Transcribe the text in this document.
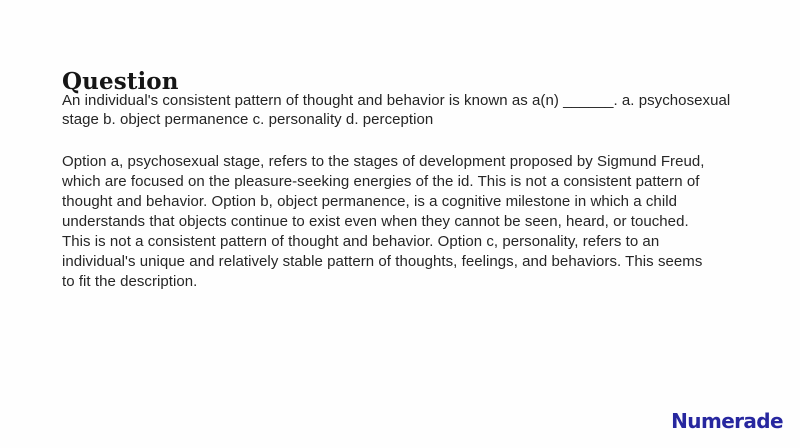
Question
An individual's consistent pattern of thought and behavior is known as a(n) ______. a. psychosexual
stage b. object permanence c. personality d. perception
Option a, psychosexual stage, refers to the stages of development proposed by Sigmund Freud,
which are focused on the pleasure-seeking energies of the id. This is not a consistent pattern of
thought and behavior. Option b, object permanence, is a cognitive milestone in which a child
understands that objects continue to exist even when they cannot be seen, heard, or touched.
This is not a consistent pattern of thought and behavior. Option c, personality, refers to an
individual's unique and relatively stable pattern of thoughts, feelings, and behaviors. This seems
to fit the description.
Numerade
